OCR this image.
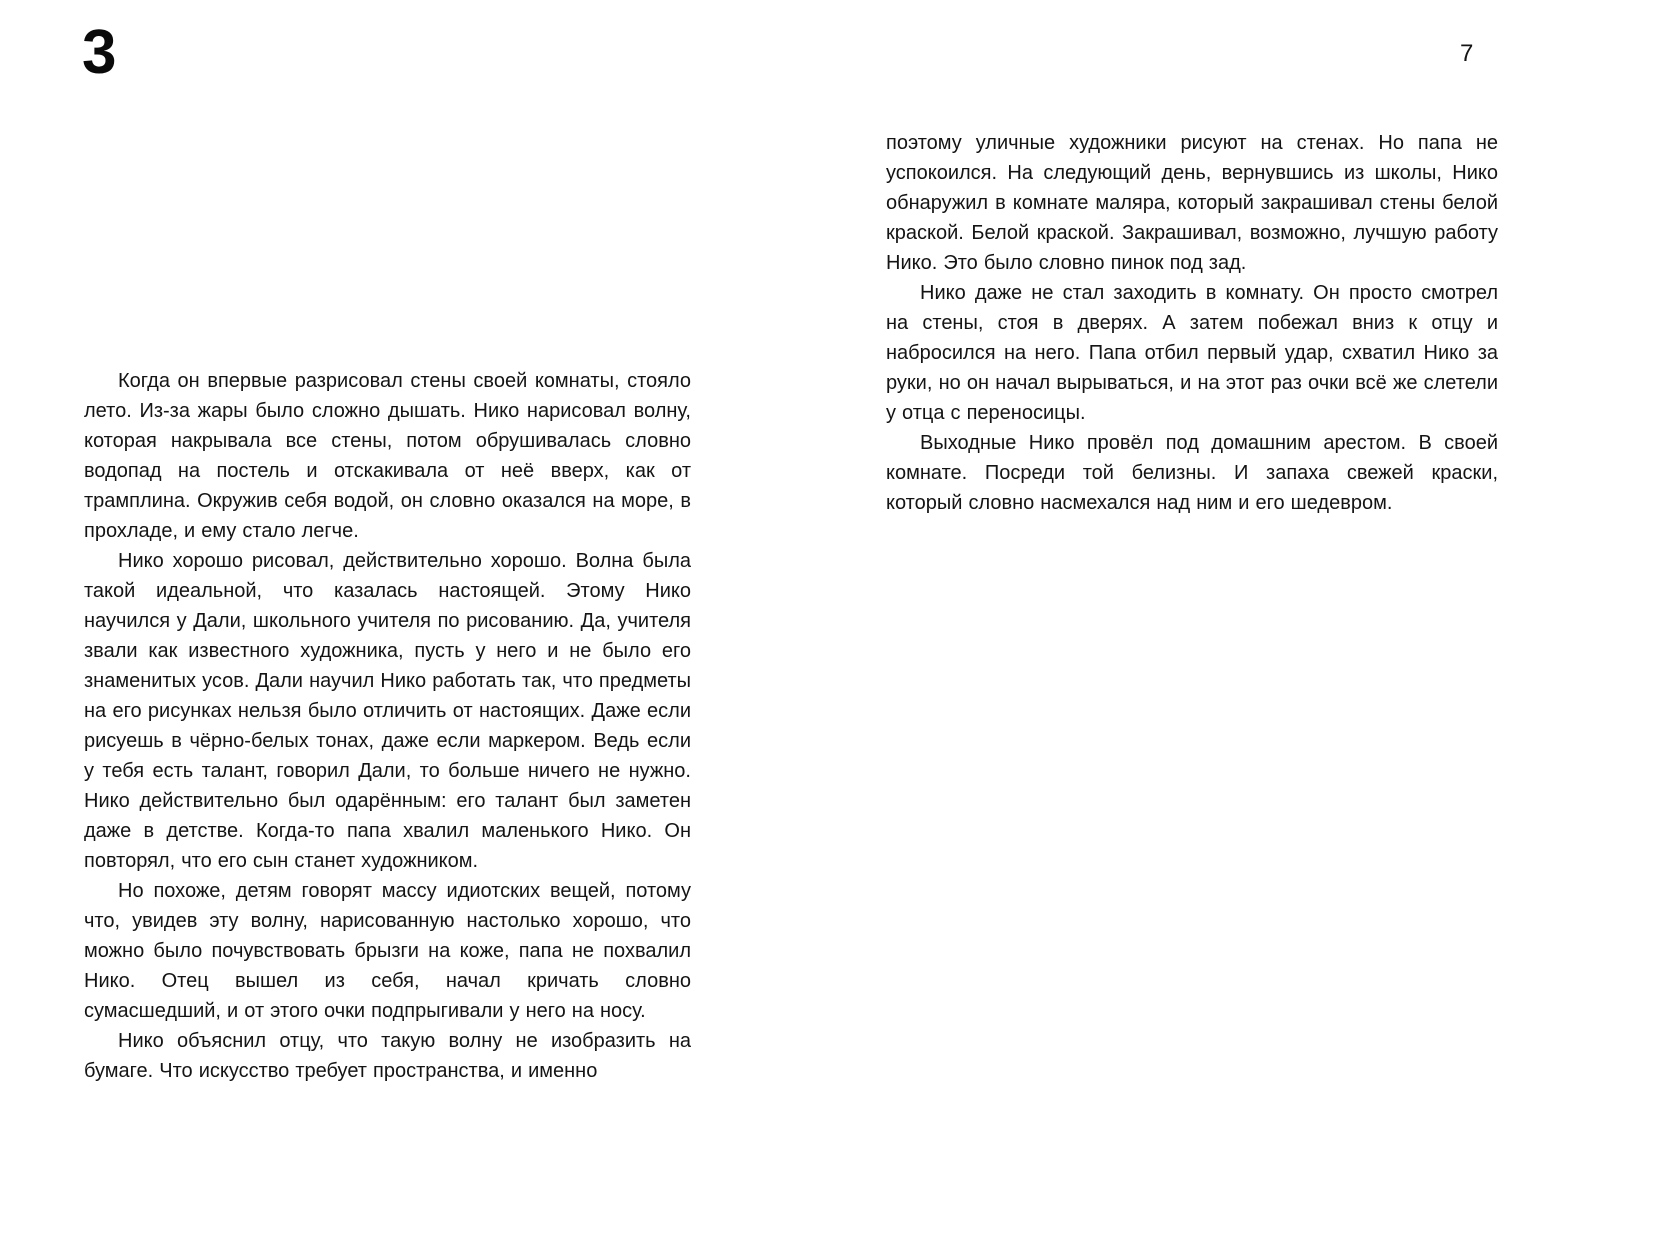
3	7

Когда он впервые разрисовал стены своей комнаты, стояло лето. Из-за жары было сложно дышать. Нико нарисовал волну, которая накрывала все стены, потом обрушивалась словно водопад на постель и отскакивала от неё вверх, как от трамплина. Окружив себя водой, он словно оказался на море, в прохладе, и ему стало легче.

Нико хорошо рисовал, действительно хорошо. Волна была такой идеальной, что казалась настоящей. Этому Нико научился у Дали, школьного учителя по рисованию. Да, учителя звали как известного художника, пусть у него и не было его знаменитых усов. Дали научил Нико работать так, что предметы на его рисунках нельзя было отличить от настоящих. Даже если рисуешь в чёрно-белых тонах, даже если маркером. Ведь если у тебя есть талант, говорил Дали, то больше ничего не нужно. Нико действительно был одарённым: его талант был заметен даже в детстве. Когда-то папа хвалил маленького Нико. Он повторял, что его сын станет художником.

Но похоже, детям говорят массу идиотских вещей, потому что, увидев эту волну, нарисованную настолько хорошо, что можно было почувствовать брызги на коже, папа не похвалил Нико. Отец вышел из себя, начал кричать словно сумасшедший, и от этого очки подпрыгивали у него на носу.

Нико объяснил отцу, что такую волну не изобразить на бумаге. Что искусство требует пространства, и именно

поэтому уличные художники рисуют на стенах. Но папа не успокоился. На следующий день, вернувшись из школы, Нико обнаружил в комнате маляра, который закрашивал стены белой краской. Белой краской. Закрашивал, возможно, лучшую работу Нико. Это было словно пинок под зад.

Нико даже не стал заходить в комнату. Он просто смотрел на стены, стоя в дверях. А затем побежал вниз к отцу и набросился на него. Папа отбил первый удар, схватил Нико за руки, но он начал вырываться, и на этот раз очки всё же слетели у отца с переносицы.

Выходные Нико провёл под домашним арестом. В своей комнате. Посреди той белизны. И запаха свежей краски, который словно насмехался над ним и его шедевром.
